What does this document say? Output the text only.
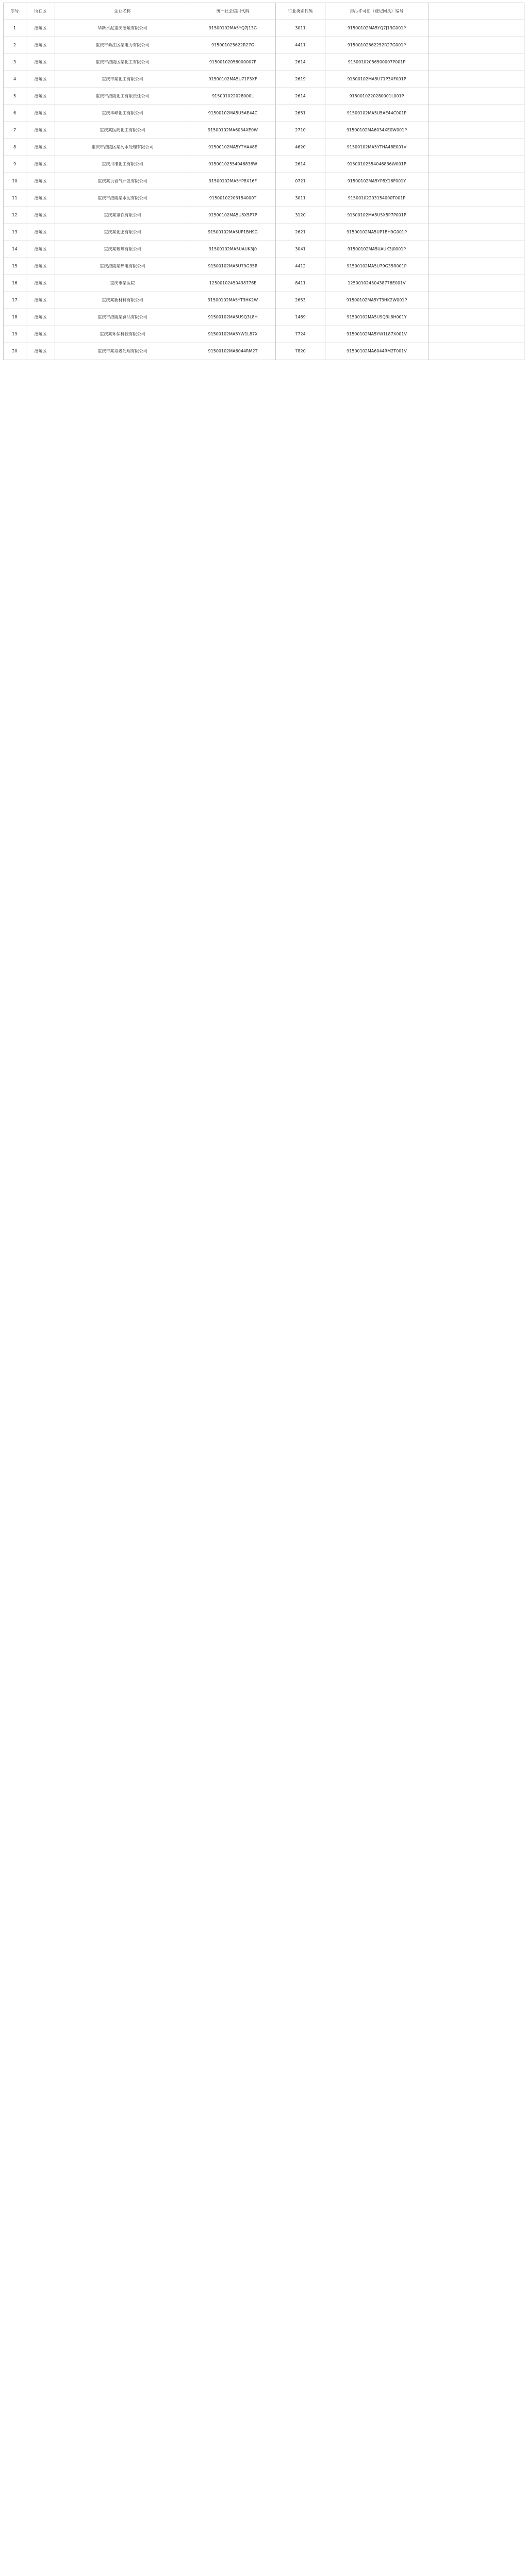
序号	所在区	企业名称	统一社会信用代码	行业类别代码	排污许可证（登记回执）编号	
1	涪陵区	华新水泥重庆涪陵有限公司	91500102MA5YQ7J13G	3011	91500102MA5YQ7J13G001P	
2	涪陵区	重庆市綦江区某电力有限公司	915001025622R27G	4411	91500102562252R27G001P	
3	涪陵区	重庆市涪陵区某化工有限公司	91500102056000007P	2614	91500102056500007P001P	
4	涪陵区	重庆市某化工有限公司	91500102MA5U71P3XF	2619	91500102MA5U71P3XF001P	
5	涪陵区	重庆市涪陵化工有限责任公司	915001022028000L	2614	9150010220280001L001P	
6	涪陵区	重庆华峰化工有限公司	91500102MA5U5AE44C	2651	91500102MA5U5AE44C001P	
7	涪陵区	重庆某医药化工有限公司	91500102MA6034XE0W	2710	91500102MA6034XE0W001P	
8	涪陵区	重庆市涪陵区某污水处理有限公司	91500102MA5YTHA48E	4620	91500102MA5YTHA48E001V	
9	涪陵区	重庆川维化工有限公司	91500102554046836W	2614	91500102554046836W001P	
10	涪陵区	重庆某页岩气开发有限公司	91500102MA5YP8X16F	0721	91500102MA5YP8X16F001Y	
11	涪陵区	重庆市涪陵某水泥有限公司	91500102203154000T	3011	91500102203154000T001P	
12	涪陵区	重庆某钢铁有限公司	91500102MA5U5X5P7P	3120	91500102MA5U5X5P7P001P	
13	涪陵区	重庆某化肥有限公司	91500102MA5UP1BH9G	2621	91500102MA5UP1BH9G001P	
14	涪陵区	重庆某玻璃有限公司	91500102MA5UAUK3J0	3041	91500102MA5UAUK3J0001P	
15	涪陵区	重庆涪陵某热电有限公司	91500102MA5U79G35R	4412	91500102MA5U79G35R001P	
16	涪陵区	重庆市某医院	12500102450438776E	8411	12500102450438776E001V	
17	涪陵区	重庆某新材料有限公司	91500102MA5YT3HK2W	2653	91500102MA5YT3HK2W001P	
18	涪陵区	重庆市涪陵某食品有限公司	91500102MA5U9Q3L8H	1469	91500102MA5U9Q3L8H001Y	
19	涪陵区	重庆某环保科技有限公司	91500102MA5YW1L87X	7724	91500102MA5YW1L87X001V	
20	涪陵区	重庆市某垃圾处理有限公司	91500102MA6044RM2T	7820	91500102MA6044RM2T001V	
